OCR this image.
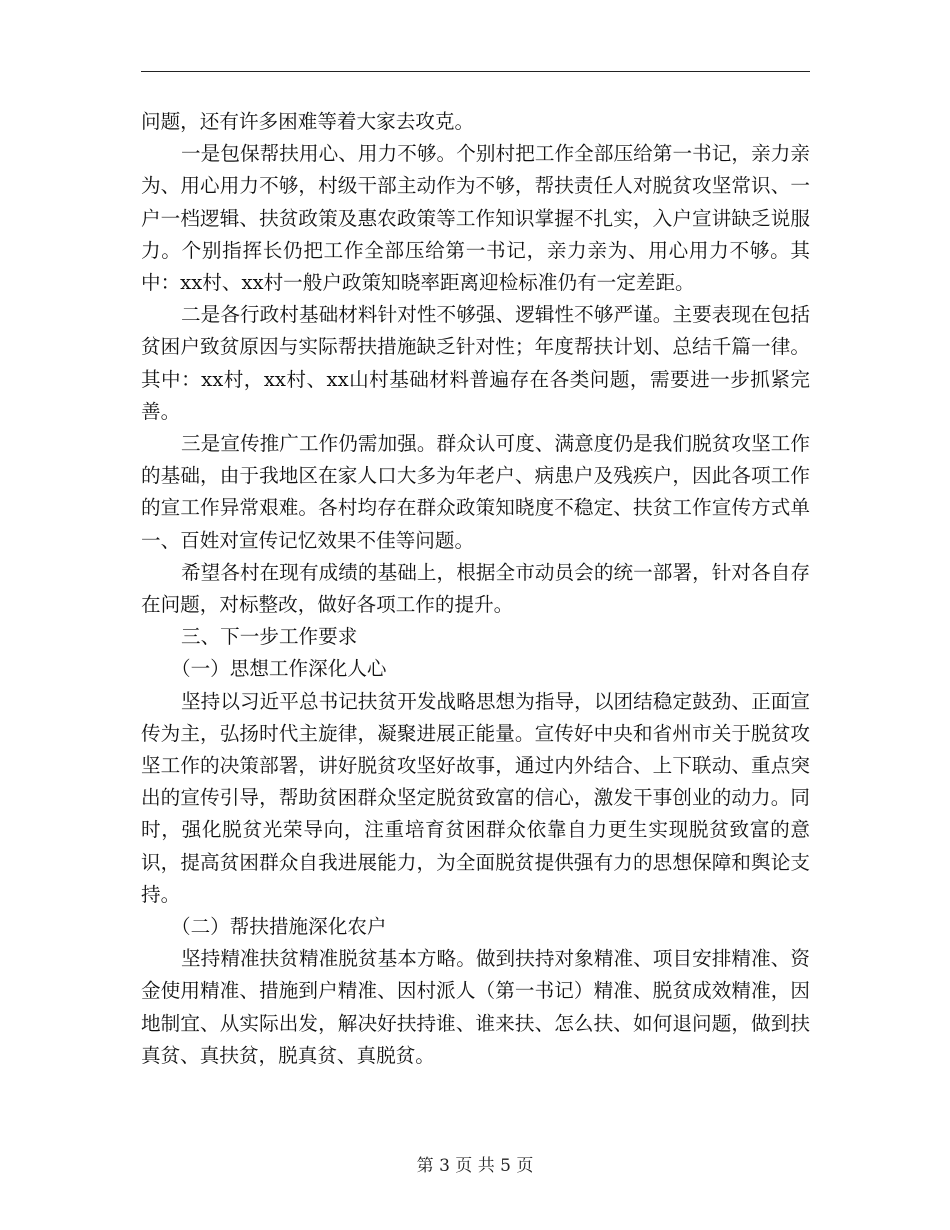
问题，还有许多困难等着大家去攻克。

一是包保帮扶用心、用力不够。个别村把工作全部压给第一书记，亲力亲为、用心用力不够，村级干部主动作为不够，帮扶责任人对脱贫攻坚常识、一户一档逻辑、扶贫政策及惠农政策等工作知识掌握不扎实，入户宣讲缺乏说服力。个别指挥长仍把工作全部压给第一书记，亲力亲为、用心用力不够。其中：xx村、xx村一般户政策知晓率距离迎检标准仍有一定差距。

二是各行政村基础材料针对性不够强、逻辑性不够严谨。主要表现在包括贫困户致贫原因与实际帮扶措施缺乏针对性；年度帮扶计划、总结千篇一律。其中：xx村，xx村、xx山村基础材料普遍存在各类问题，需要进一步抓紧完善。

三是宣传推广工作仍需加强。群众认可度、满意度仍是我们脱贫攻坚工作的基础，由于我地区在家人口大多为年老户、病患户及残疾户，因此各项工作的宣工作异常艰难。各村均存在群众政策知晓度不稳定、扶贫工作宣传方式单一、百姓对宣传记忆效果不佳等问题。

希望各村在现有成绩的基础上，根据全市动员会的统一部署，针对各自存在问题，对标整改，做好各项工作的提升。

三、下一步工作要求

（一）思想工作深化人心

坚持以习近平总书记扶贫开发战略思想为指导，以团结稳定鼓劲、正面宣传为主，弘扬时代主旋律，凝聚进展正能量。宣传好中央和省州市关于脱贫攻坚工作的决策部署，讲好脱贫攻坚好故事，通过内外结合、上下联动、重点突出的宣传引导，帮助贫困群众坚定脱贫致富的信心，激发干事创业的动力。同时，强化脱贫光荣导向，注重培育贫困群众依靠自力更生实现脱贫致富的意识，提高贫困群众自我进展能力，为全面脱贫提供强有力的思想保障和舆论支持。

（二）帮扶措施深化农户

坚持精准扶贫精准脱贫基本方略。做到扶持对象精准、项目安排精准、资金使用精准、措施到户精准、因村派人（第一书记）精准、脱贫成效精准，因地制宜、从实际出发，解决好扶持谁、谁来扶、怎么扶、如何退问题，做到扶真贫、真扶贫，脱真贫、真脱贫。

第 3 页 共 5 页
